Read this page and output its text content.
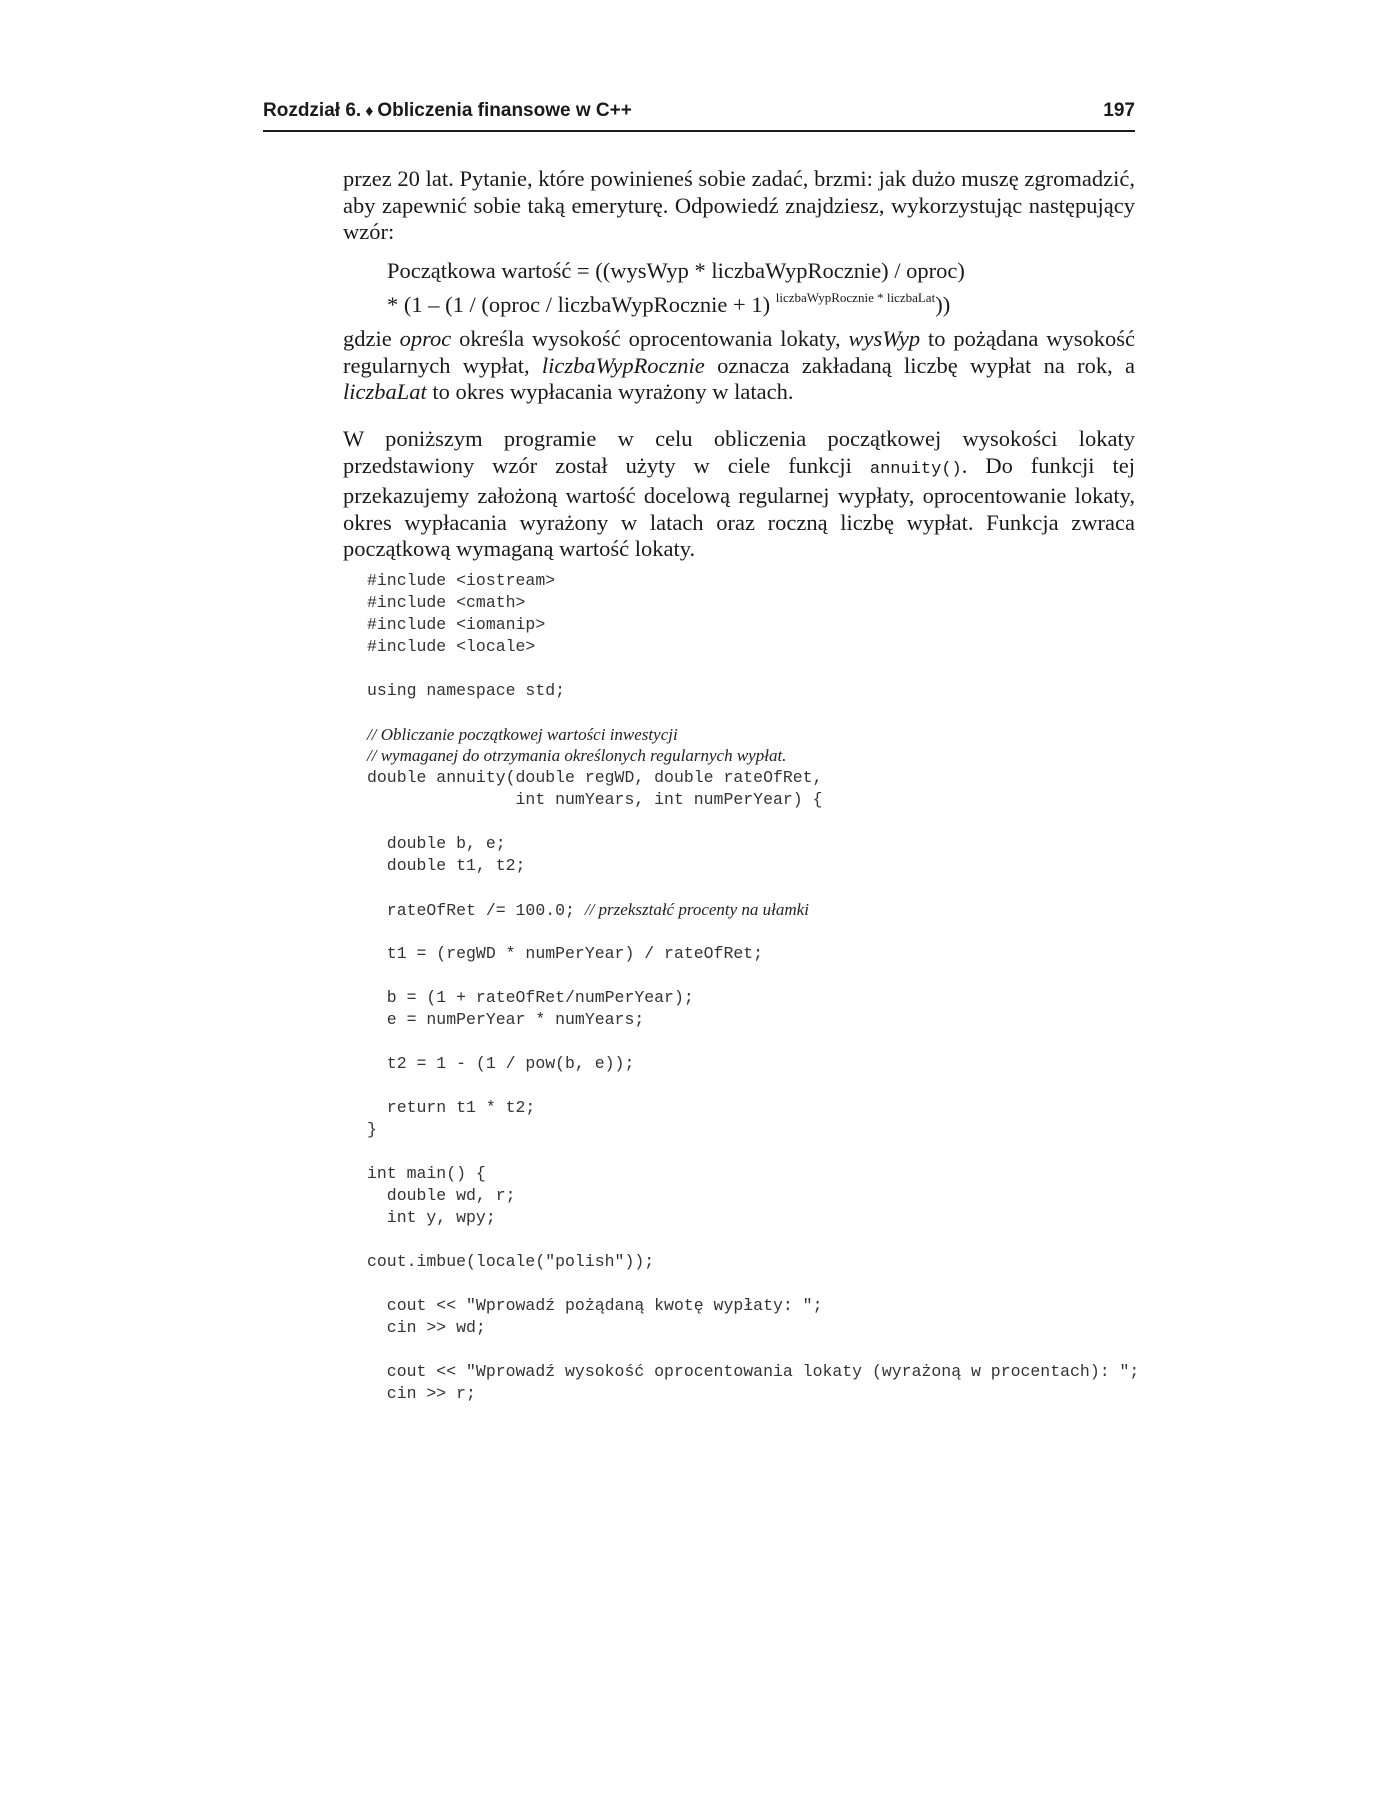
Rozdział 6. ♦ Obliczenia finansowe w C++	197
przez 20 lat. Pytanie, które powinieneś sobie zadać, brzmi: jak dużo muszę zgromadzić, aby zapewnić sobie taką emeryturę. Odpowiedź znajdziesz, wykorzystując następujący wzór:
Początkowa wartość = ((wysWyp * liczbaWypRocznie) / oproc)
* (1 – (1 / (oproc / liczbaWypRocznie + 1) $^{liczbaWypRocznie * liczbaLat}$))
gdzie oproc określa wysokość oprocentowania lokaty, wysWyp to pożądana wysokość regularnych wypłat, liczbaWypRocznie oznacza zakładaną liczbę wypłat na rok, a liczbaLat to okres wypłacania wyrażony w latach.
W poniższym programie w celu obliczenia początkowej wysokości lokaty przedstawiony wzór został użyty w ciele funkcji annuity(). Do funkcji tej przekazujemy założoną wartość docelową regularnej wypłaty, oprocentowanie lokaty, okres wypłacania wyrażony w latach oraz roczną liczbę wypłat. Funkcja zwraca początkową wymaganą wartość lokaty.

#include <iostream>

#include <cmath>

#include <iomanip>

#include <locale>

using namespace std;

// Obliczanie początkowej wartości inwestycji

// wymaganej do otrzymania określonych regularnych wypłat.

double annuity(double regWD, double rateOfRet,

int numYears, int numPerYear) {

double b, e;

double t1, t2;

rateOfRet /= 100.0; // przekształć procenty na ułamki

t1 = (regWD * numPerYear) / rateOfRet;

b = (1 + rateOfRet/numPerYear);

e = numPerYear * numYears;

t2 = 1 - (1 / pow(b, e));

return t1 * t2;

}

int main() {

double wd, r;

int y, wpy;

cout.imbue(locale("polish"));

cout << "Wprowadź pożądaną kwotę wypłaty: ";

cin >> wd;

cout << "Wprowadź wysokość oprocentowania lokaty (wyrażoną w procentach): ";

cin >> r;
